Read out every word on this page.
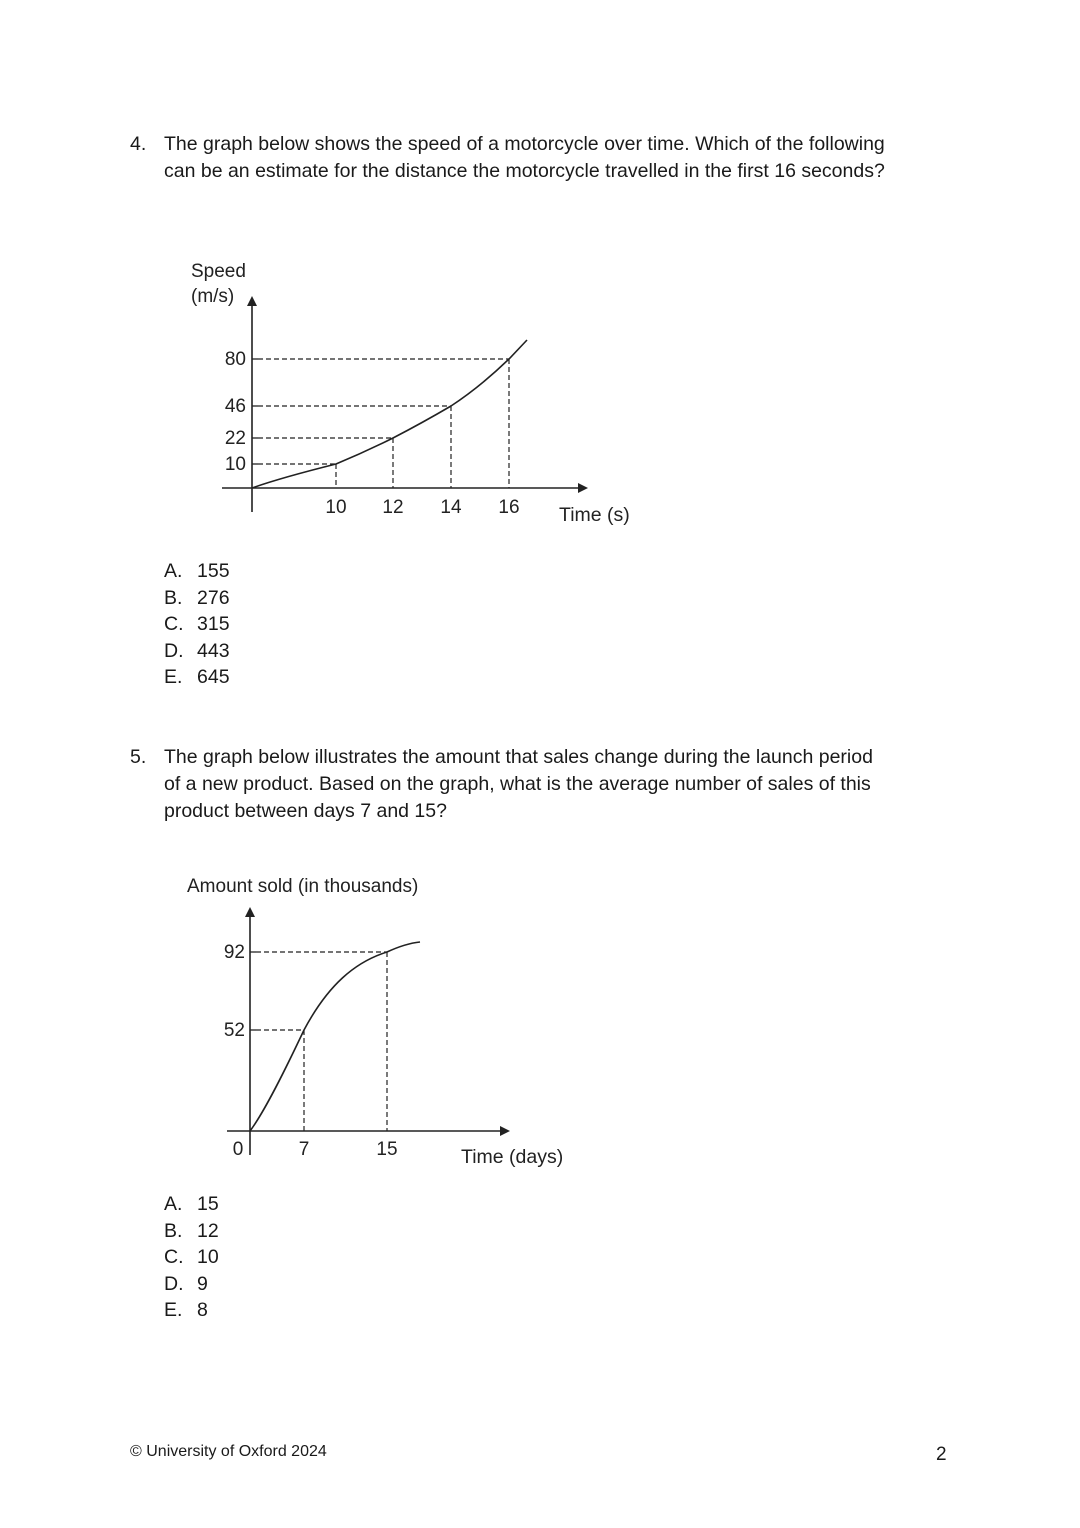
Speed
(m/s)
80
46
22
10
10 12 14 16 Time (s)
Amount sold (in thousands)
92
52
0	7	15	Time (days)
4. The graph below shows the speed of a motorcycle over time. Which of the following
can be an estimate for the distance the motorcycle travelled in the first 16 seconds?
A. 155
B. 276
C. 315
D. 443
E. 645
5. The graph below illustrates the amount that sales change during the launch period
of a new product. Based on the graph, what is the average number of sales of this
product between days 7 and 15?
A. 15
B. 12
C. 10
D. 9
E. 8
© University of Oxford 2024	2
